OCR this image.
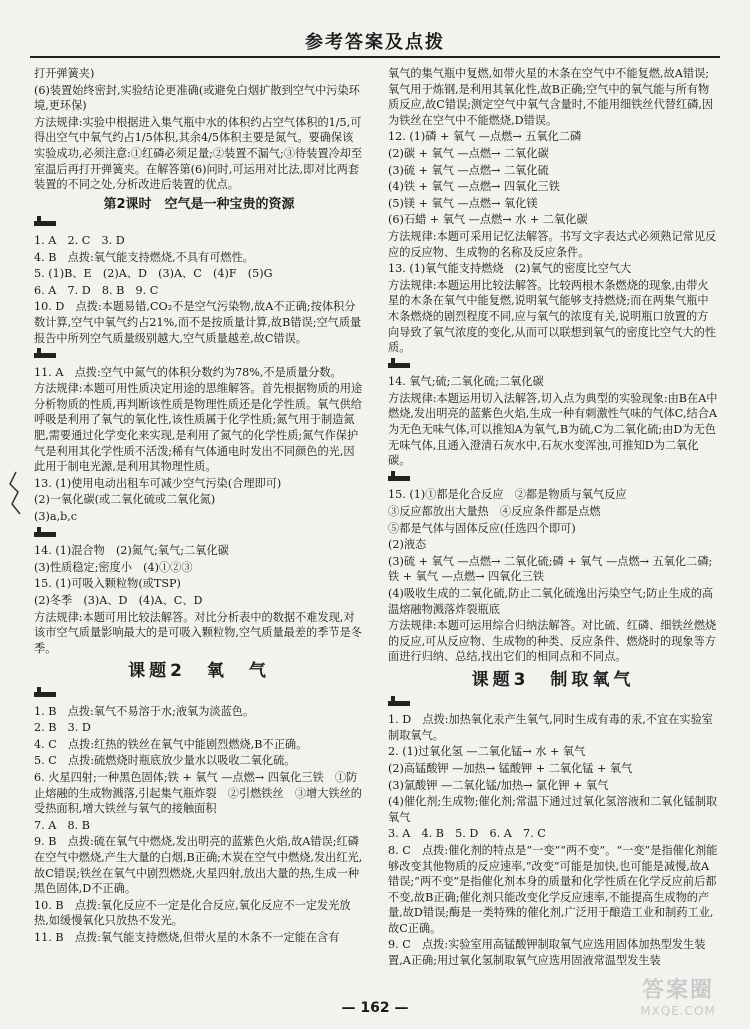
参考答案及点拨

打开弹簧夹)

(6)装置始终密封,实验结论更准确(或避免白烟扩散到空气中污染环境,更环保)

方法规律:实验中根据进入集气瓶中水的体积约占空气体积的1/5,可得出空气中氧气约占1/5体积,其余4/5体积主要是氮气。要确保该实验成功,必须注意:①红磷必须足量;②装置不漏气;③待装置冷却至室温后再打开弹簧夹。在解答第(6)问时,可运用对比法,即对比两套装置的不同之处,分析改进后装置的优点。

第2课时　空气是一种宝贵的资源

1. A　2. C　3. D

4. B　点拨:氧气能支持燃烧,不具有可燃性。

5. (1)B、E　(2)A、D　(3)A、C　(4)F　(5)G

6. A　7. D　8. B　9. C

10. D　点拨:本题易错,CO₂不是空气污染物,故A不正确;按体积分数计算,空气中氧气约占21%,而不是按质量计算,故B错误;空气质量报告中所列空气质量级别越大,空气质量越差,故C错误。

11. A　点拨:空气中氮气的体积分数约为78%,不是质量分数。

方法规律:本题可用性质决定用途的思维解答。首先根据物质的用途分析物质的性质,再判断该性质是物理性质还是化学性质。氧气供给呼吸是利用了氧气的氧化性,该性质属于化学性质;氮气用于制造氮肥,需要通过化学变化来实现,是利用了氮气的化学性质;氮气作保护气是利用其化学性质不活泼;稀有气体通电时发出不同颜色的光,因此用于制电光源,是利用其物理性质。

13. (1)使用电动出租车可减少空气污染(合理即可)

(2)一氧化碳(或二氧化硫或二氧化氮)

(3)a,b,c

14. (1)混合物　(2)氮气;氧气;二氧化碳

(3)性质稳定;密度小　(4)①②③

15. (1)可吸入颗粒物(或TSP)

(2)冬季　(3)A、D　(4)A、C、D

方法规律:本题可用比较法解答。对比分析表中的数据不难发现,对该市空气质量影响最大的是可吸入颗粒物,空气质量最差的季节是冬季。

课题2　氧　气

1. B　点拨:氧气不易溶于水;液氧为淡蓝色。

2. B　3. D

4. C　点拨:红热的铁丝在氧气中能剧烈燃烧,B不正确。

5. C　点拨:硫燃烧时瓶底放少量水以吸收二氧化硫。

6. 火星四射;一种黑色固体;铁 + 氧气 —点燃→ 四氧化三铁　①防止熔融的生成物溅落,引起集气瓶炸裂　②引燃铁丝　③增大铁丝的受热面积,增大铁丝与氧气的接触面积

7. A　8. B

9. B　点拨:硫在氧气中燃烧,发出明亮的蓝紫色火焰,故A错误;红磷在空气中燃烧,产生大量的白烟,B正确;木炭在空气中燃烧,发出红光,故C错误;铁丝在氧气中剧烈燃烧,火星四射,放出大量的热,生成一种黑色固体,D不正确。

10. B　点拨:氧化反应不一定是化合反应,氧化反应不一定发光放热,如缓慢氧化只放热不发光。

11. B　点拨:氧气能支持燃烧,但带火星的木条不一定能在含有

氧气的集气瓶中复燃,如带火星的木条在空气中不能复燃,故A错误;氧气用于炼钢,是利用其氧化性,故B正确;空气中的氧气能与所有物质反应,故C错误;测定空气中氧气含量时,不能用细铁丝代替红磷,因为铁丝在空气中不能燃烧,D错误。

12. (1)磷 + 氧气 —点燃→ 五氧化二磷

(2)碳 + 氧气 —点燃→ 二氧化碳

(3)硫 + 氧气 —点燃→ 二氧化硫

(4)铁 + 氧气 —点燃→ 四氧化三铁

(5)镁 + 氧气 —点燃→ 氧化镁

(6)石蜡 + 氧气 —点燃→ 水 + 二氧化碳

方法规律:本题可采用记忆法解答。书写文字表达式必须熟记常见反应的反应物、生成物的名称及反应条件。

13. (1)氧气能支持燃烧　(2)氧气的密度比空气大

方法规律:本题运用比较法解答。比较两根木条燃烧的现象,由带火星的木条在氧气中能复燃,说明氧气能够支持燃烧;而在两集气瓶中木条燃烧的剧烈程度不同,应与氧气的浓度有关,说明瓶口放置的方向导致了氧气浓度的变化,从而可以联想到氧气的密度比空气大的性质。

14. 氧气;硫;二氧化硫;二氧化碳

方法规律:本题运用切入法解答,切入点为典型的实验现象:由B在A中燃烧,发出明亮的蓝紫色火焰,生成一种有刺激性气味的气体C,结合A为无色无味气体,可以推知A为氧气,B为硫,C为二氧化硫;由D为无色无味气体,且通入澄清石灰水中,石灰水变浑浊,可推知D为二氧化碳。

15. (1)①都是化合反应　②都是物质与氧气反应

③反应都放出大量热　④反应条件都是点燃

⑤都是气体与固体反应(任选四个即可)

(2)液态

(3)硫 + 氧气 —点燃→ 二氧化硫;磷 + 氧气 —点燃→ 五氧化二磷;铁 + 氧气 —点燃→ 四氧化三铁

(4)吸收生成的二氧化硫,防止二氧化硫逸出污染空气;防止生成的高温熔融物溅落炸裂瓶底

方法规律:本题可运用综合归纳法解答。对比硫、红磷、细铁丝燃烧的反应,可从反应物、生成物的种类、反应条件、燃烧时的现象等方面进行归纳、总结,找出它们的相同点和不同点。

课题3　制取氧气

1. D　点拨:加热氧化汞产生氧气,同时生成有毒的汞,不宜在实验室制取氧气。

2. (1)过氧化氢 —二氧化锰→ 水 + 氧气

(2)高锰酸钾 —加热→ 锰酸钾 + 二氧化锰 + 氧气

(3)氯酸钾 —二氧化锰/加热→ 氯化钾 + 氧气

(4)催化剂;生成物;催化剂;常温下通过过氧化氢溶液和二氧化锰制取氧气

3. A　4. B　5. D　6. A　7. C

8. C　点拨:催化剂的特点是“一变”“两不变”。“一变”是指催化剂能够改变其他物质的反应速率,“改变”可能是加快,也可能是减慢,故A错误;“两不变”是指催化剂本身的质量和化学性质在化学反应前后都不变,故B正确;催化剂只能改变化学反应速率,不能提高生成物的产量,故D错误;酶是一类特殊的催化剂,广泛用于酿造工业和制药工业,故C正确。

9. C　点拨:实验室用高锰酸钾制取氧气应选用固体加热型发生装置,A正确;用过氧化氢制取氧气应选用固液常温型发生装

— 162 —
答案圈
MXQE.COM
